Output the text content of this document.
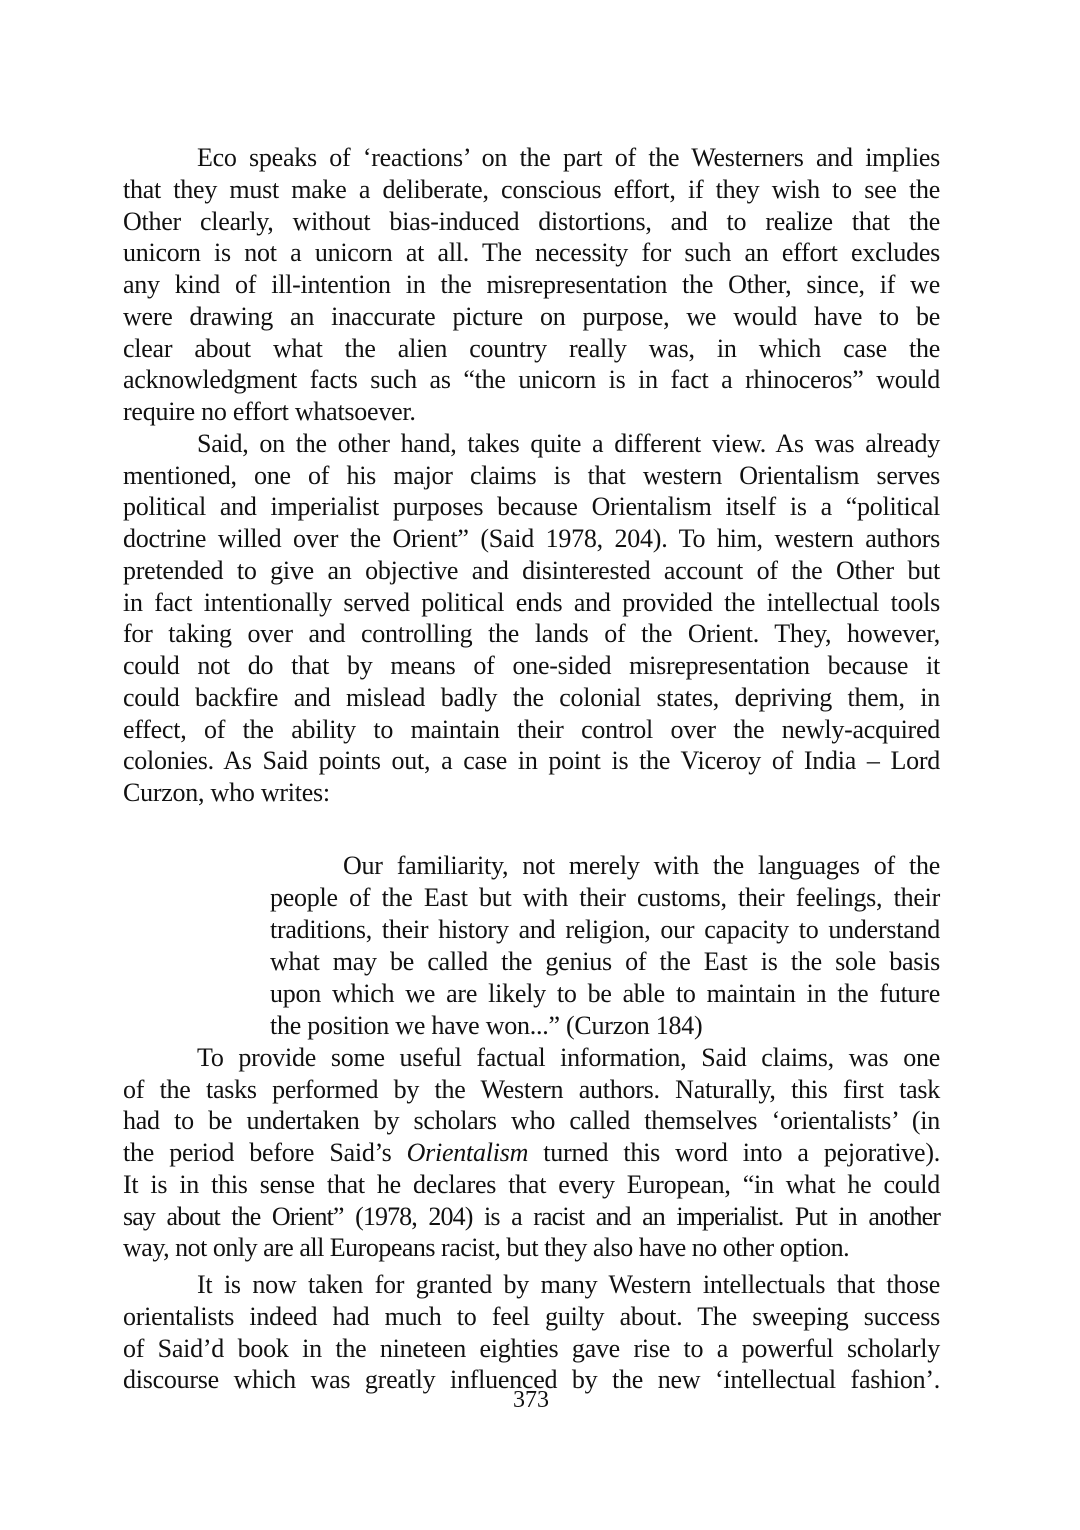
Eco speaks of ‘reactions’ on the part of the Westerners and implies
that they must make a deliberate, conscious effort, if they wish to see the
Other clearly, without bias-induced distortions, and to realize that the
unicorn is not a unicorn at all. The necessity for such an effort excludes
any kind of ill-intention in the misrepresentation the Other, since, if we
were drawing an inaccurate picture on purpose, we would have to be
clear about what the alien country really was, in which case the
acknowledgment facts such as “the unicorn is in fact a rhinoceros” would
require no effort whatsoever.
Said, on the other hand, takes quite a different view. As was already
mentioned, one of his major claims is that western Orientalism serves
political and imperialist purposes because Orientalism itself is a “political
doctrine willed over the Orient” (Said 1978, 204). To him, western authors
pretended to give an objective and disinterested account of the Other but
in fact intentionally served political ends and provided the intellectual tools
for taking over and controlling the lands of the Orient. They, however,
could not do that by means of one-sided misrepresentation because it
could backfire and mislead badly the colonial states, depriving them, in
effect, of the ability to maintain their control over the newly-acquired
colonies. As Said points out, a case in point is the Viceroy of India – Lord
Curzon, who writes:
Our familiarity, not merely with the languages of the
people of the East but with their customs, their feelings, their
traditions, their history and religion, our capacity to understand
what may be called the genius of the East is the sole basis
upon which we are likely to be able to maintain in the future
the position we have won...” (Curzon 184)
To provide some useful factual information, Said claims, was one
of the tasks performed by the Western authors. Naturally, this first task
had to be undertaken by scholars who called themselves ‘orientalists’ (in
the period before Said’s Orientalism turned this word into a pejorative).
It is in this sense that he declares that every European, “in what he could
say about the Orient” (1978, 204) is a racist and an imperialist. Put in another
way, not only are all Europeans racist, but they also have no other option.
It is now taken for granted by many Western intellectuals that those
orientalists indeed had much to feel guilty about. The sweeping success
of Said’d book in the nineteen eighties gave rise to a powerful scholarly
discourse which was greatly influenced by the new ‘intellectual fashion’.
373
